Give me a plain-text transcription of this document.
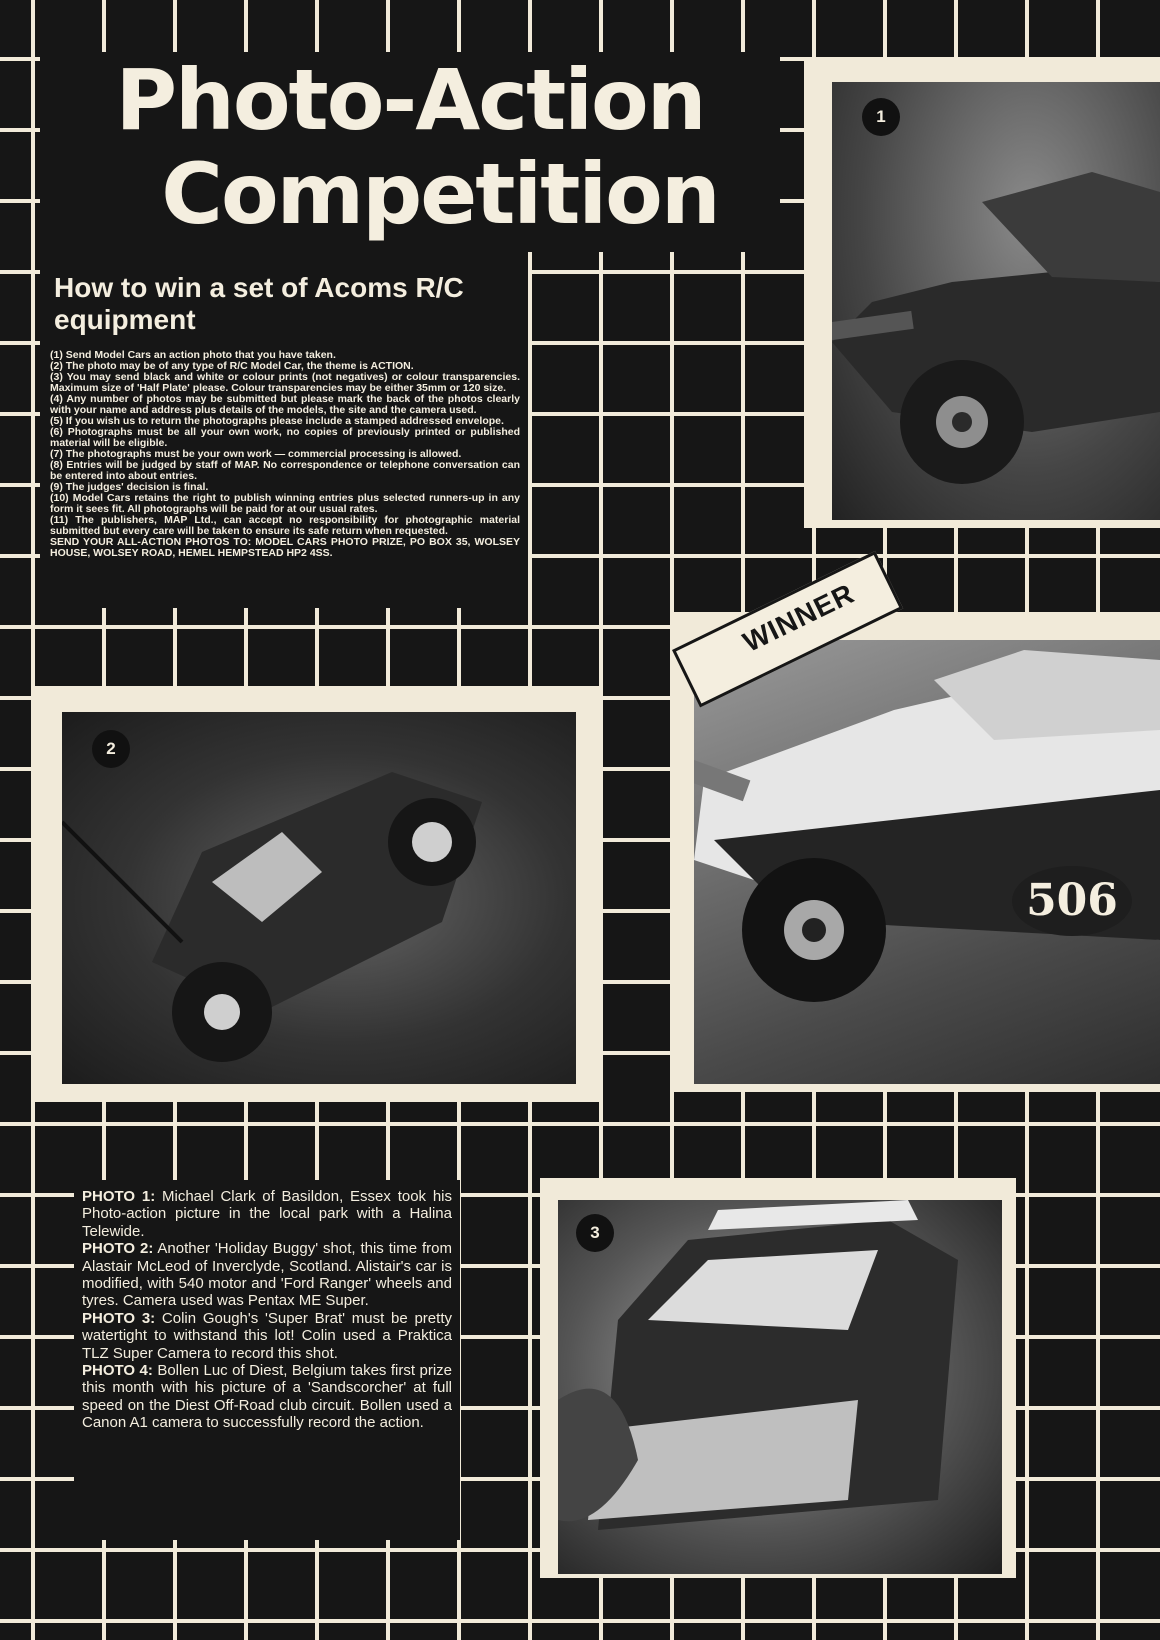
Photo-Action
Competition
How to win a set of Acoms R/C equipment

(1) Send Model Cars an action photo that you have taken.

(2) The photo may be of any type of R/C Model Car, the theme is ACTION.

(3) You may send black and white or colour prints (not negatives) or colour transparencies. Maximum size of 'Half Plate' please. Colour transparencies may be either 35mm or 120 size.

(4) Any number of photos may be submitted but please mark the back of the photos clearly with your name and address plus details of the models, the site and the camera used.

(5) If you wish us to return the photographs please include a stamped addressed envelope.

(6) Photographs must be all your own work, no copies of previously printed or published material will be eligible.

(7) The photographs must be your own work — commercial processing is allowed.

(8) Entries will be judged by staff of MAP. No correspondence or telephone conversation can be entered into about entries.

(9) The judges' decision is final.

(10) Model Cars retains the right to publish winning entries plus selected runners-up in any form it sees fit. All photographs will be paid for at our usual rates.

(11) The publishers, MAP Ltd., can accept no responsibility for photographic material submitted but every care will be taken to ensure its safe return when requested.

SEND YOUR ALL-ACTION PHOTOS TO: MODEL CARS PHOTO PRIZE, PO BOX 35, WOLSEY HOUSE, WOLSEY ROAD, HEMEL HEMPSTEAD HP2 4SS.

1
2
506
WINNER

PHOTO 1: Michael Clark of Basildon, Essex took his Photo-action picture in the local park with a Halina Telewide.

PHOTO 2: Another 'Holiday Buggy' shot, this time from Alastair McLeod of Inverclyde, Scotland. Alistair's car is modified, with 540 motor and 'Ford Ranger' wheels and tyres. Camera used was Pentax ME Super.

PHOTO 3: Colin Gough's 'Super Brat' must be pretty watertight to withstand this lot! Colin used a Praktica TLZ Super Camera to record this shot.

PHOTO 4: Bollen Luc of Diest, Belgium takes first prize this month with his picture of a 'Sandscorcher' at full speed on the Diest Off-Road club circuit. Bollen used a Canon A1 camera to successfully record the action.

3
